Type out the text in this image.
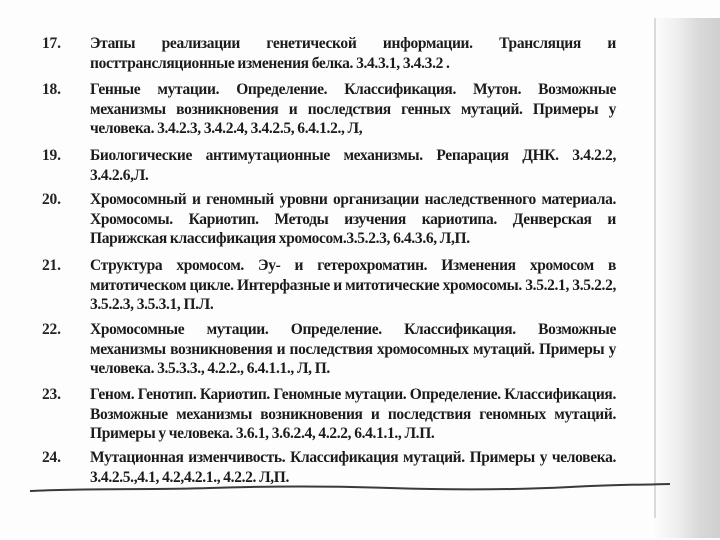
17.	Этапы реализации генетической информации. Трансляция и посттрансляционные изменения белка. 3.4.3.1, 3.4.3.2 .
18.	Генные мутации. Определение. Классификация. Мутон. Возможные механизмы возникновения и последствия генных мутаций. Примеры у человека. 3.4.2.3, 3.4.2.4, 3.4.2.5, 6.4.1.2., Л,
19.	Биологические антимутационные механизмы. Репарация ДНК. 3.4.2.2, 3.4.2.6,Л.
20.	Хромосомный и геномный уровни организации наследственного материала. Хромосомы. Кариотип. Методы изучения кариотипа. Денверская и Парижская классификация хромосом.3.5.2.3, 6.4.3.6, Л,П.
21.	Структура хромосом. Эу- и гетерохроматин. Изменения хромосом в митотическом цикле. Интерфазные и митотические хромосомы. 3.5.2.1, 3.5.2.2, 3.5.2.3, 3.5.3.1, П.Л.
22.	Хромосомные мутации. Определение. Классификация. Возможные механизмы возникновения и последствия хромосомных мутаций. Примеры у человека. 3.5.3.3., 4.2.2., 6.4.1.1., Л, П.
23.	Геном. Генотип. Кариотип. Геномные мутации. Определение. Классификация. Возможные механизмы возникновения и последствия геномных мутаций. Примеры у человека. 3.6.1, 3.6.2.4, 4.2.2, 6.4.1.1., Л.П.
24.	Мутационная изменчивость. Классификация мутаций. Примеры у человека. 3.4.2.5.,4.1, 4.2,4.2.1., 4.2.2. Л,П.
